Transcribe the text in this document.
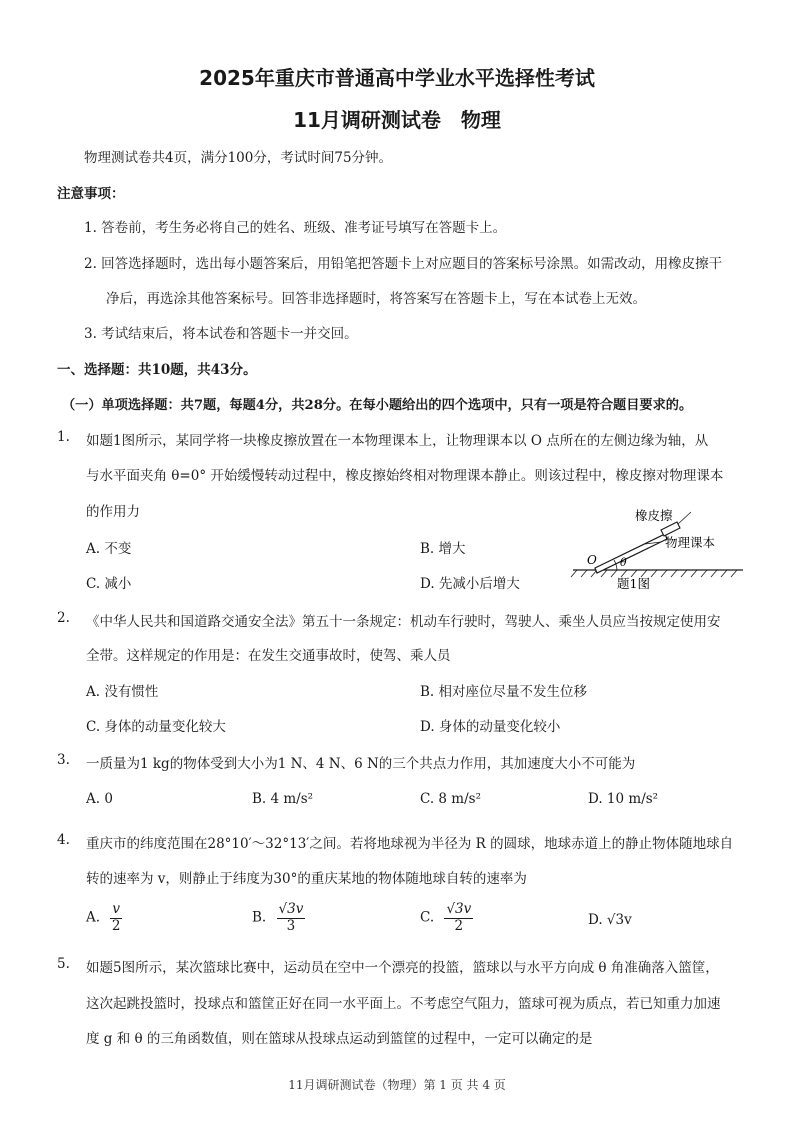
2025年重庆市普通高中学业水平选择性考试
11月调研测试卷　物理
物理测试卷共4页，满分100分，考试时间75分钟。
注意事项：
1. 答卷前，考生务必将自己的姓名、班级、准考证号填写在答题卡上。
2. 回答选择题时，选出每小题答案后，用铅笔把答题卡上对应题目的答案标号涂黑。如需改动，用橡皮擦干
净后，再选涂其他答案标号。回答非选择题时，将答案写在答题卡上，写在本试卷上无效。
3. 考试结束后，将本试卷和答题卡一并交回。
一、选择题：共10题，共43分。
（一）单项选择题：共7题，每题4分，共28分。在每小题给出的四个选项中，只有一项是符合题目要求的。
1. 如题1图所示，某同学将一块橡皮擦放置在一本物理课本上，让物理课本以 O 点所在的左侧边缘为轴，从
与水平面夹角 θ=0° 开始缓慢转动过程中，橡皮擦始终相对物理课本静止。则该过程中，橡皮擦对物理课本
的作用力
A. 不变	B. 增大
C. 减小	D. 先减小后增大
θ
O
橡皮擦
物理课本
题1图
2. 《中华人民共和国道路交通安全法》第五十一条规定：机动车行驶时，驾驶人、乘坐人员应当按规定使用安
全带。这样规定的作用是：在发生交通事故时，使驾、乘人员
A. 没有惯性	B. 相对座位尽量不发生位移
C. 身体的动量变化较大	D. 身体的动量变化较小
3. 一质量为1 kg的物体受到大小为1 N、4 N、6 N的三个共点力作用，其加速度大小不可能为
A. 0	B. 4 m/s²	C. 8 m/s²	D. 10 m/s²
4. 重庆市的纬度范围在28°10′～32°13′之间。若将地球视为半径为 R 的圆球，地球赤道上的静止物体随地球自
转的速率为 v，则静止于纬度为30°的重庆某地的物体随地球自转的速率为
A. $\frac{v}{2}$	B. $\frac{√3v}{3}$	C. $\frac{√3v}{2}$	D. √3v
5. 如题5图所示，某次篮球比赛中，运动员在空中一个漂亮的投篮，篮球以与水平方向成 θ 角准确落入篮筐，
这次起跳投篮时，投球点和篮筐正好在同一水平面上。不考虑空气阻力，篮球可视为质点，若已知重力加速
度 g 和 θ 的三角函数值，则在篮球从投球点运动到篮筐的过程中，一定可以确定的是
11月调研测试卷（物理）第 1 页 共 4 页
